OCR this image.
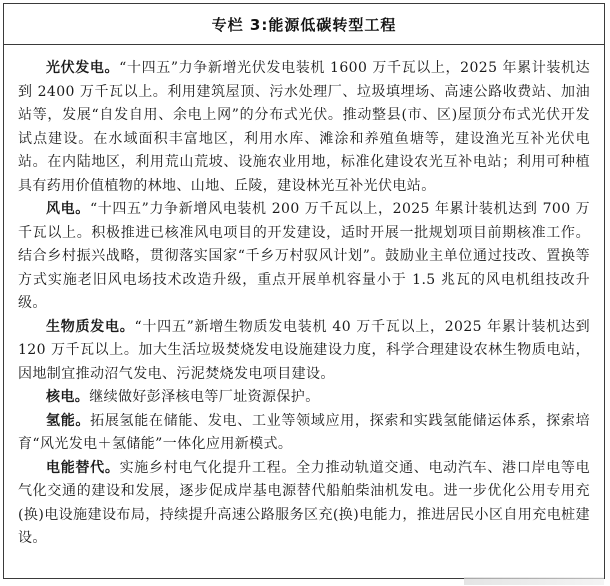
专栏 3:能源低碳转型工程

光伏发电。“十四五”力争新增光伏发电装机 1600 万千瓦以上，2025 年累计装机达到 2400 万千瓦以上。利用建筑屋顶、污水处理厂、垃圾填埋场、高速公路收费站、加油站等，发展“自发自用、余电上网”的分布式光伏。推动整县(市、区)屋顶分布式光伏开发试点建设。在水域面积丰富地区，利用水库、滩涂和养殖鱼塘等，建设渔光互补光伏电站。在内陆地区，利用荒山荒坡、设施农业用地，标准化建设农光互补电站；利用可种植具有药用价值植物的林地、山地、丘陵，建设林光互补光伏电站。

风电。“十四五”力争新增风电装机 200 万千瓦以上，2025 年累计装机达到 700 万千瓦以上。积极推进已核准风电项目的开发建设，适时开展一批规划项目前期核准工作。结合乡村振兴战略，贯彻落实国家“千乡万村驭风计划”。鼓励业主单位通过技改、置换等方式实施老旧风电场技术改造升级，重点开展单机容量小于 1.5 兆瓦的风电机组技改升级。

生物质发电。“十四五”新增生物质发电装机 40 万千瓦以上，2025 年累计装机达到 120 万千瓦以上。加大生活垃圾焚烧发电设施建设力度，科学合理建设农林生物质电站，因地制宜推动沼气发电、污泥焚烧发电项目建设。

核电。继续做好彭泽核电等厂址资源保护。

氢能。拓展氢能在储能、发电、工业等领域应用，探索和实践氢能储运体系，探索培育“风光发电＋氢储能”一体化应用新模式。

电能替代。实施乡村电气化提升工程。全力推动轨道交通、电动汽车、港口岸电等电气化交通的建设和发展，逐步促成岸基电源替代船舶柴油机发电。进一步优化公用专用充(换)电设施建设布局，持续提升高速公路服务区充(换)电能力，推进居民小区自用充电桩建设。
